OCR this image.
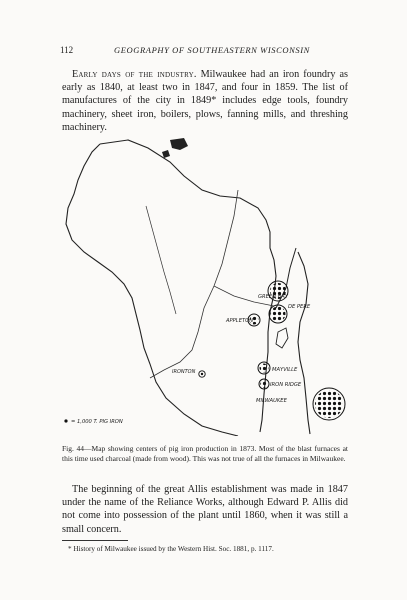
112	GEOGRAPHY OF SOUTHEASTERN WISCONSIN

Early days of the industry. Milwaukee had an iron foundry as early as 1840, at least two in 1847, and four in 1859. The list of manufactures of the city in 1849* includes edge tools, foundry machinery, sheet iron, boilers, plows, fanning mills, and threshing machinery.

GREEN BAY
DE PERE
APPLETON
MAYVILLE
IRON RIDGE
MILWAUKEE
IRONTON
= 1,000 T. PIG IRON

Fig. 44—Map showing centers of pig iron production in 1873. Most of the blast furnaces at this time used charcoal (made from wood). This was not true of all the furnaces in Milwaukee.

The beginning of the great Allis establishment was made in 1847 under the name of the Reliance Works, although Edward P. Allis did not come into possession of the plant until 1860, when it was still a small concern.

* History of Milwaukee issued by the Western Hist. Soc. 1881, p. 1117.
